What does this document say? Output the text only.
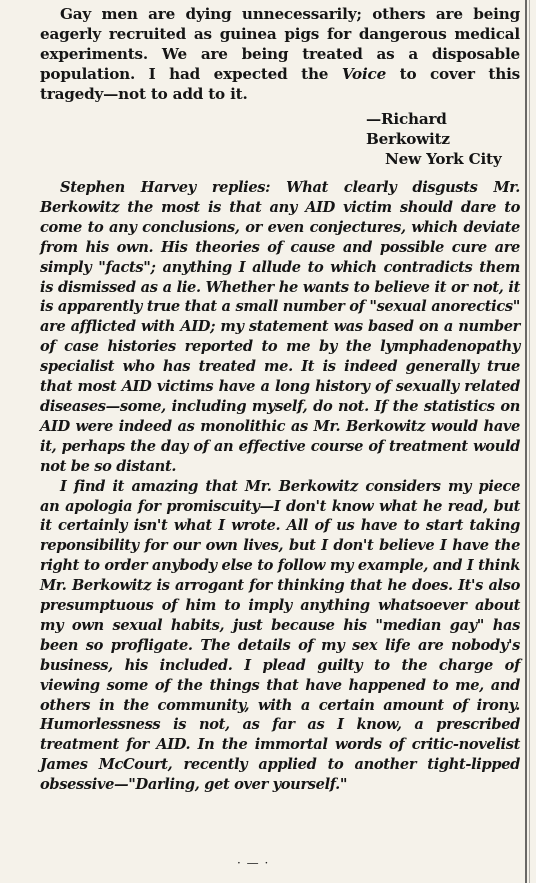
Gay men are dying unnecessarily; others are being eagerly recruited as guinea pigs for dangerous medical experiments. We are being treated as a disposable population. I had expected the Voice to cover this tragedy—not to add to it.

—Richard Berkowitz
New York City

Stephen Harvey replies: What clearly disgusts Mr. Berkowitz the most is that any AID victim should dare to come to any conclusions, or even conjectures, which deviate from his own. His theories of cause and possible cure are simply "facts"; anything I allude to which contradicts them is dismissed as a lie. Whether he wants to believe it or not, it is apparently true that a small number of "sexual anorectics" are afflicted with AID; my statement was based on a number of case histories reported to me by the lymphadenopathy specialist who has treated me. It is indeed generally true that most AID victims have a long history of sexually related diseases—some, including myself, do not. If the statistics on AID were indeed as monolithic as Mr. Berkowitz would have it, perhaps the day of an effective course of treatment would not be so distant.

I find it amazing that Mr. Berkowitz considers my piece an apologia for promiscuity—I don't know what he read, but it certainly isn't what I wrote. All of us have to start taking reponsibility for our own lives, but I don't believe I have the right to order anybody else to follow my example, and I think Mr. Berkowitz is arrogant for thinking that he does. It's also presumptuous of him to imply anything whatsoever about my own sexual habits, just because his "median gay" has been so profligate. The details of my sex life are nobody's business, his included. I plead guilty to the charge of viewing some of the things that have happened to me, and others in the community, with a certain amount of irony. Humorlessness is not, as far as I know, a prescribed treatment for AID. In the immortal words of critic-novelist James McCourt, recently applied to another tight-lipped obsessive—"Darling, get over yourself."

· — ·
